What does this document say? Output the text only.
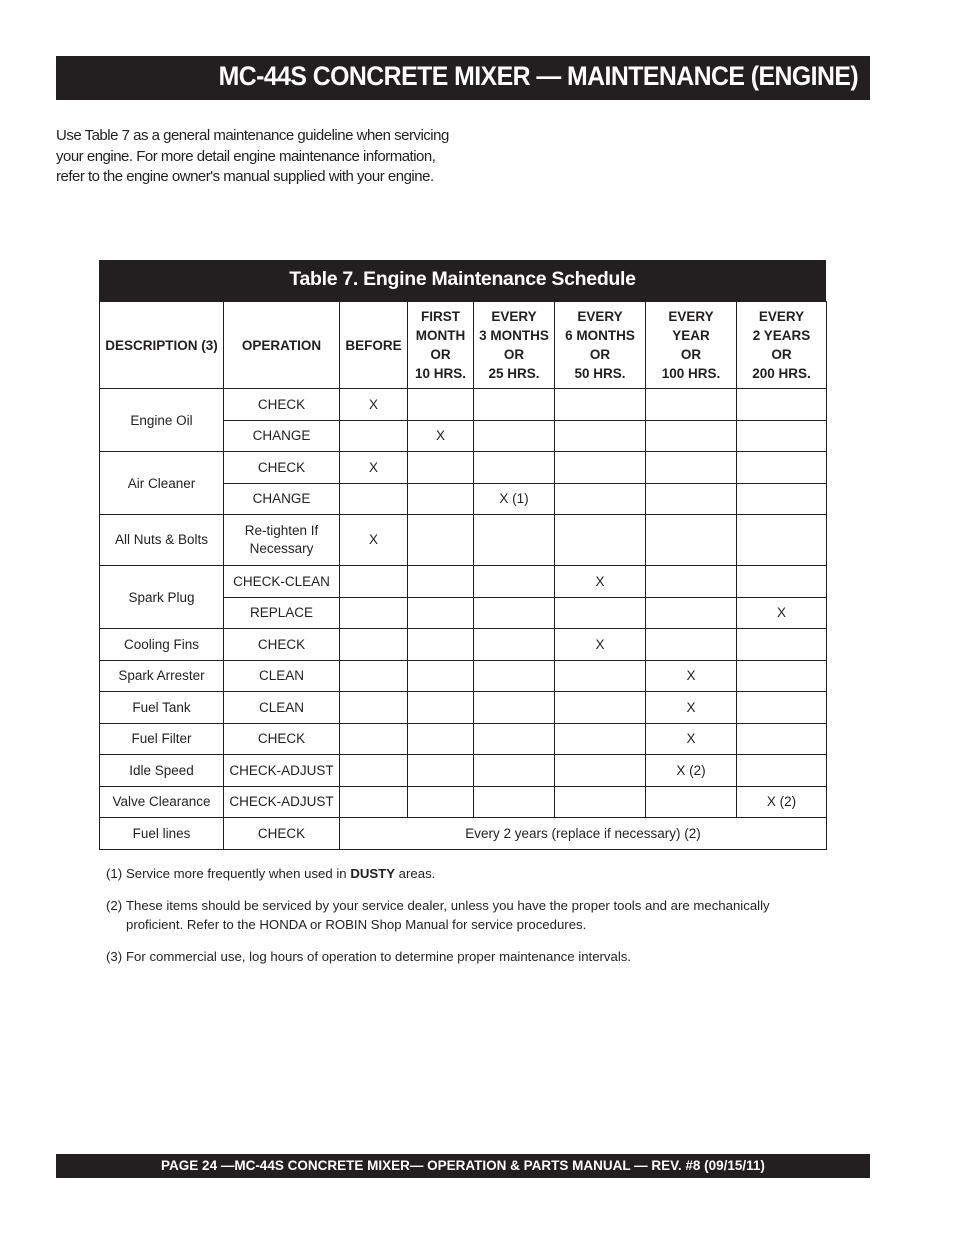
MC-44S CONCRETE MIXER — MAINTENANCE (ENGINE)
Use Table 7 as a general maintenance guideline when servicing
your engine. For more detail engine maintenance information,
refer to the engine owner's manual supplied with your engine.
Table 7. Engine Maintenance Schedule
DESCRIPTION (3)	OPERATION	BEFORE	FIRST
MONTH
OR
10 HRS.	EVERY
3 MONTHS
OR
25 HRS.	EVERY
6 MONTHS
OR
50 HRS.	EVERY
YEAR
OR
100 HRS.	EVERY
2 YEARS
OR
200 HRS.

Engine Oil	CHECK	X					
	CHANGE		X				
Air Cleaner	CHECK	X					
	CHANGE			X (1)			
All Nuts & Bolts	Re-tighten If
Necessary	X					
Spark Plug	CHECK-CLEAN				X		
	REPLACE						X
Cooling Fins	CHECK				X		
Spark Arrester	CLEAN					X	
Fuel Tank	CLEAN					X	
Fuel Filter	CHECK					X	
Idle Speed	CHECK-ADJUST					X (2)	
Valve Clearance	CHECK-ADJUST						X (2)
Fuel lines	CHECK	Every 2 years (replace if necessary) (2)					
(1) Service more frequently when used in DUSTY areas.
(2) These items should be serviced by your service dealer, unless you have the proper tools and are mechanically
proficient. Refer to the HONDA or ROBIN Shop Manual for service procedures.
(3) For commercial use, log hours of operation to determine proper maintenance intervals.
PAGE 24 —MC-44S CONCRETE MIXER— OPERATION & PARTS MANUAL — REV. #8 (09/15/11)
